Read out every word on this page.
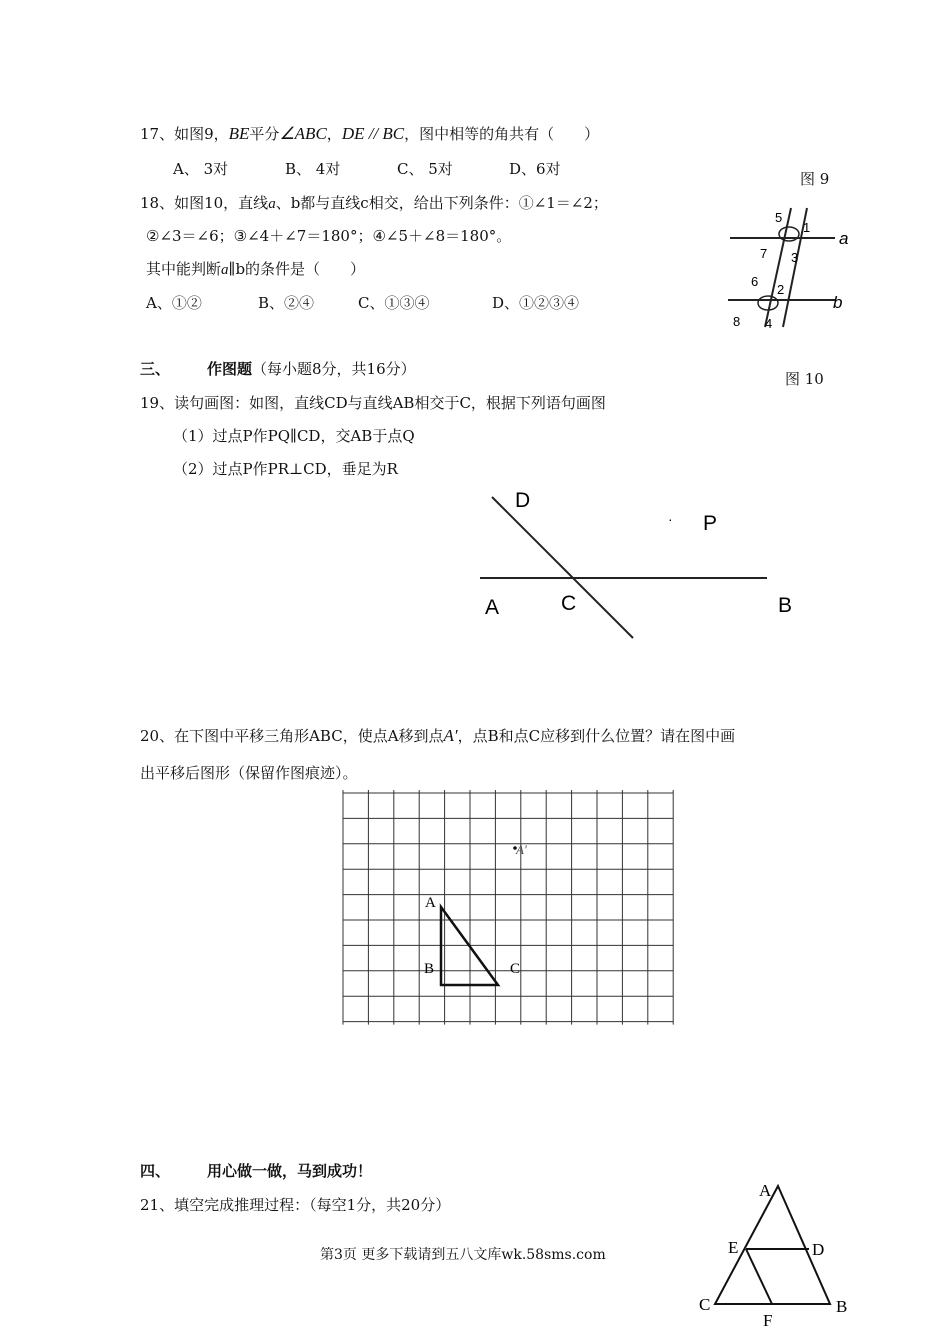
17、如图9，BE平分∠ABC，DE // BC，图中相等的角共有（　　）
A、 3对	B、 4对	C、 5对	D、6对
图 9
18、如图10，直线a、b都与直线c相交，给出下列条件：①∠1＝∠2；
②∠3＝∠6；③∠4＋∠7＝180°；④∠5＋∠8＝180°。
其中能判断a∥b的条件是（　　）
A、①②	B、②④	C、①③④	D、①②③④
5
1
7 3
6
2
8 4
a
b
图 10
三、 作图题（每小题8分，共16分）
19、读句画图：如图，直线CD与直线AB相交于C，根据下列语句画图
（1）过点P作PQ∥CD，交AB于点Q
（2）过点P作PR⊥CD，垂足为R
D
· P
A	C	B
20、在下图中平移三角形ABC，使点A移到点A′，点B和点C应移到什么位置？请在图中画
出平移后图形（保留作图痕迹）。
A′
A
B	C
四、 用心做一做，马到成功！
21、填空完成推理过程：（每空1分，共20分）
A
E	D
C
F
B
第3页 更多下载请到五八文库wk.58sms.com
